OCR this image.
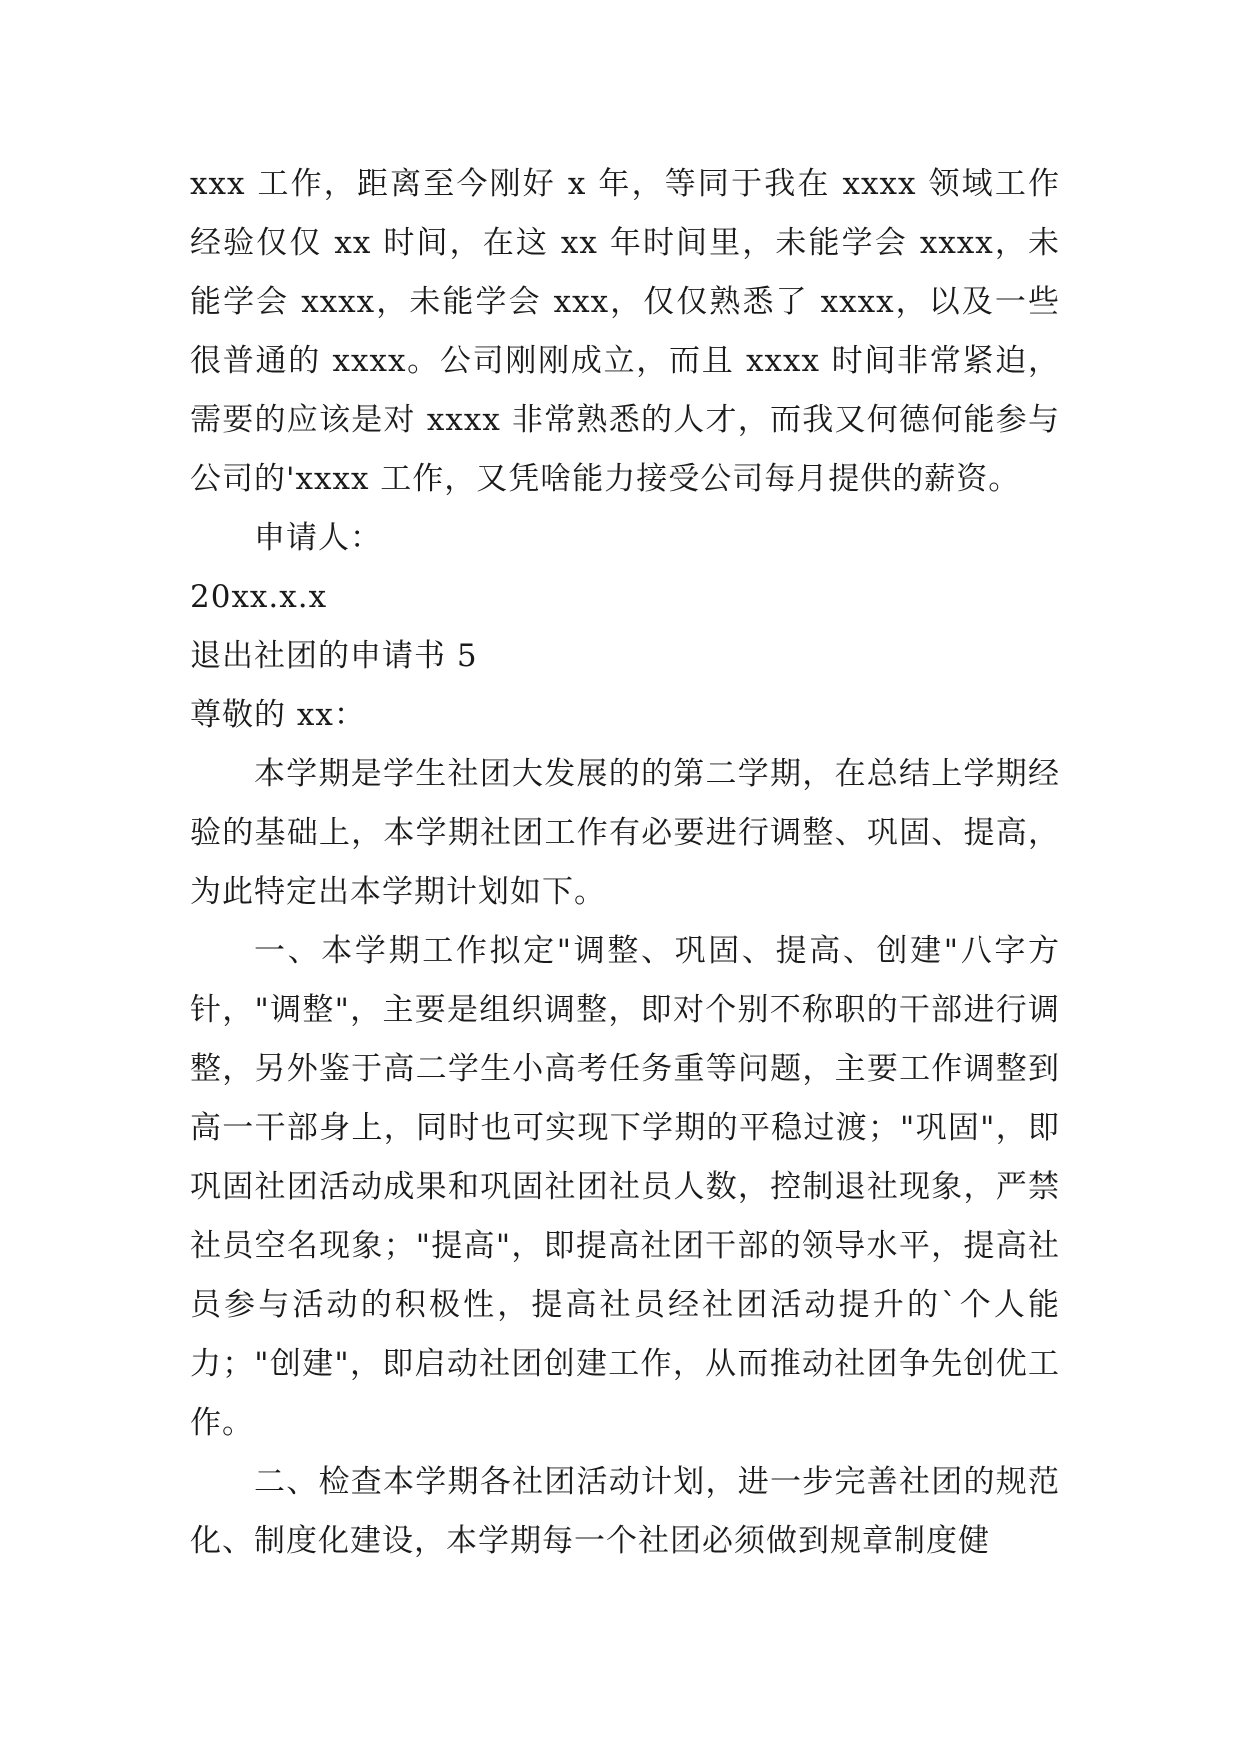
xxx 工作，距离至今刚好 x 年，等同于我在 xxxx 领域工作经验仅仅 xx 时间，在这 xx 年时间里，未能学会 xxxx，未能学会 xxxx，未能学会 xxx，仅仅熟悉了 xxxx，以及一些很普通的 xxxx。公司刚刚成立，而且 xxxx 时间非常紧迫，需要的应该是对 xxxx 非常熟悉的人才，而我又何德何能参与公司的'xxxx 工作，又凭啥能力接受公司每月提供的薪资。

申请人：

20xx.x.x

退出社团的申请书 5

尊敬的 xx：

本学期是学生社团大发展的的第二学期，在总结上学期经验的基础上，本学期社团工作有必要进行调整、巩固、提高，为此特定出本学期计划如下。

一、本学期工作拟定"调整、巩固、提高、创建"八字方针，"调整"，主要是组织调整，即对个别不称职的干部进行调整，另外鉴于高二学生小高考任务重等问题，主要工作调整到高一干部身上，同时也可实现下学期的平稳过渡；"巩固"，即巩固社团活动成果和巩固社团社员人数，控制退社现象，严禁社员空名现象；"提高"，即提高社团干部的领导水平，提高社员参与活动的积极性，提高社员经社团活动提升的`个人能力；"创建"，即启动社团创建工作，从而推动社团争先创优工作。

二、检查本学期各社团活动计划，进一步完善社团的规范化、制度化建设，本学期每一个社团必须做到规章制度健
